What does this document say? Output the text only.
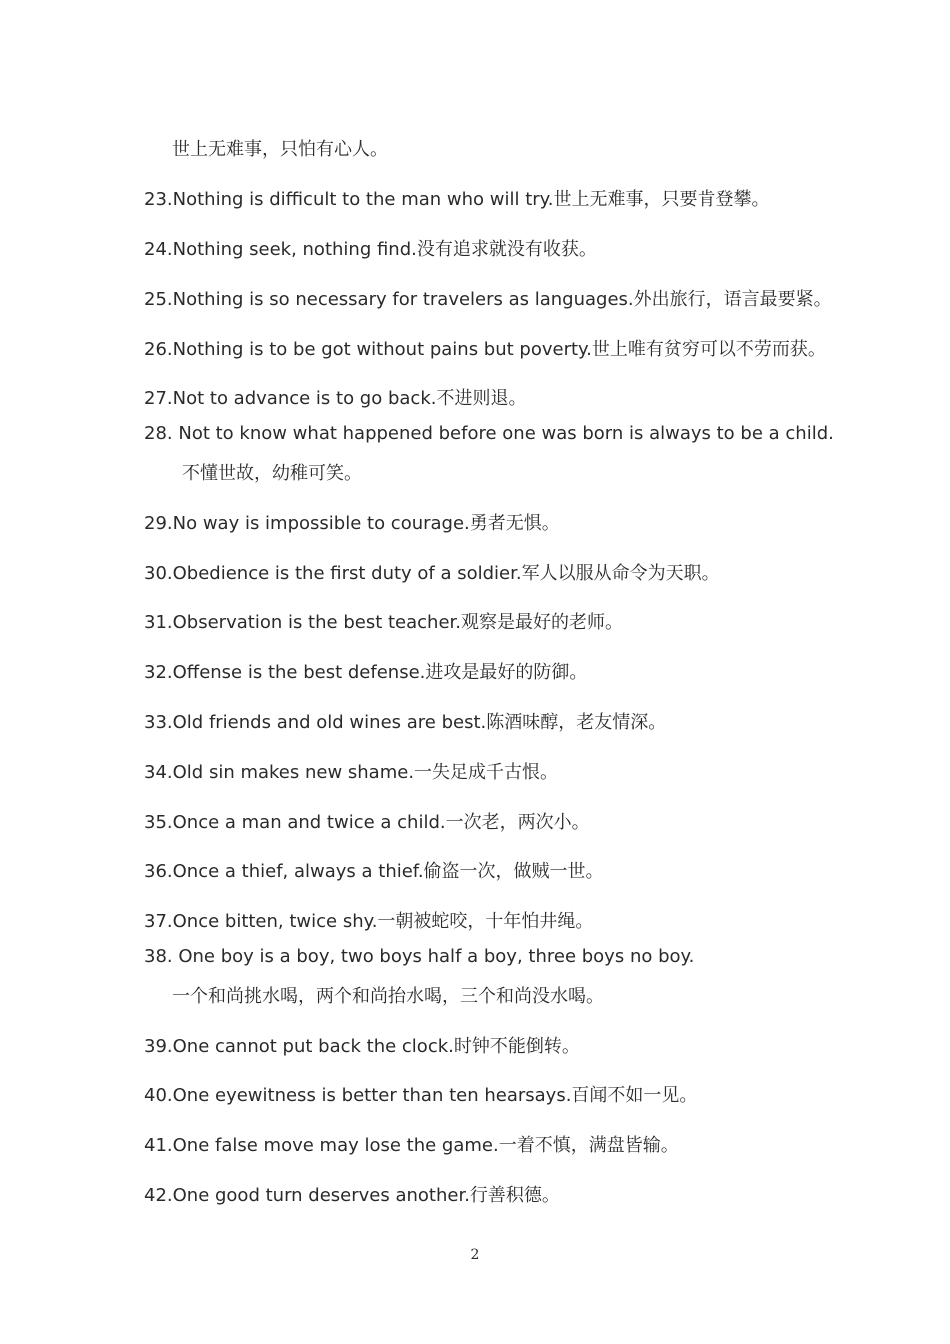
世上无难事，只怕有心人。
23.Nothing is difficult to the man who will try.世上无难事，只要肯登攀。
24.Nothing seek, nothing find.没有追求就没有收获。
25.Nothing is so necessary for travelers as languages.外出旅行，语言最要紧。
26.Nothing is to be got without pains but poverty.世上唯有贫穷可以不劳而获。
27.Not to advance is to go back.不进则退。
28. Not to know what happened before one was born is always to be a child.
不懂世故，幼稚可笑。
29.No way is impossible to courage.勇者无惧。
30.Obedience is the first duty of a soldier.军人以服从命令为天职。
31.Observation is the best teacher.观察是最好的老师。
32.Offense is the best defense.进攻是最好的防御。
33.Old friends and old wines are best.陈酒味醇，老友情深。
34.Old sin makes new shame.一失足成千古恨。
35.Once a man and twice a child.一次老，两次小。
36.Once a thief, always a thief.偷盗一次，做贼一世。
37.Once bitten, twice shy.一朝被蛇咬，十年怕井绳。
38. One boy is a boy, two boys half a boy, three boys no boy.
一个和尚挑水喝，两个和尚抬水喝，三个和尚没水喝。
39.One cannot put back the clock.时钟不能倒转。
40.One eyewitness is better than ten hearsays.百闻不如一见。
41.One false move may lose the game.一着不慎，满盘皆输。
42.One good turn deserves another.行善积德。
2
